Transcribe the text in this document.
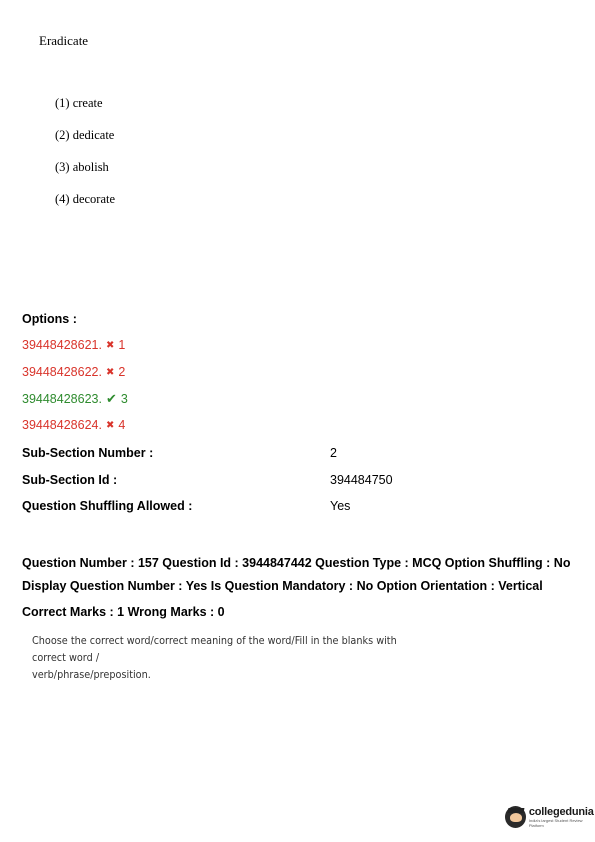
Eradicate
(1) create
(2) dedicate
(3) abolish
(4) decorate
Options :
39448428621. ✖ 1
39448428622. ✖ 2
39448428623. ✔ 3
39448428624. ✖ 4
Sub-Section Number :	2
Sub-Section Id :	394484750
Question Shuffling Allowed :	Yes
Question Number : 157 Question Id : 3944847442 Question Type : MCQ Option Shuffling : No
Display Question Number : Yes Is Question Mandatory : No Option Orientation : Vertical
Correct Marks : 1 Wrong Marks : 0
Choose the correct word/correct meaning of the word/Fill in the blanks with correct word /
verb/phrase/preposition.
collegedunia
India's largest Student Review Platform
